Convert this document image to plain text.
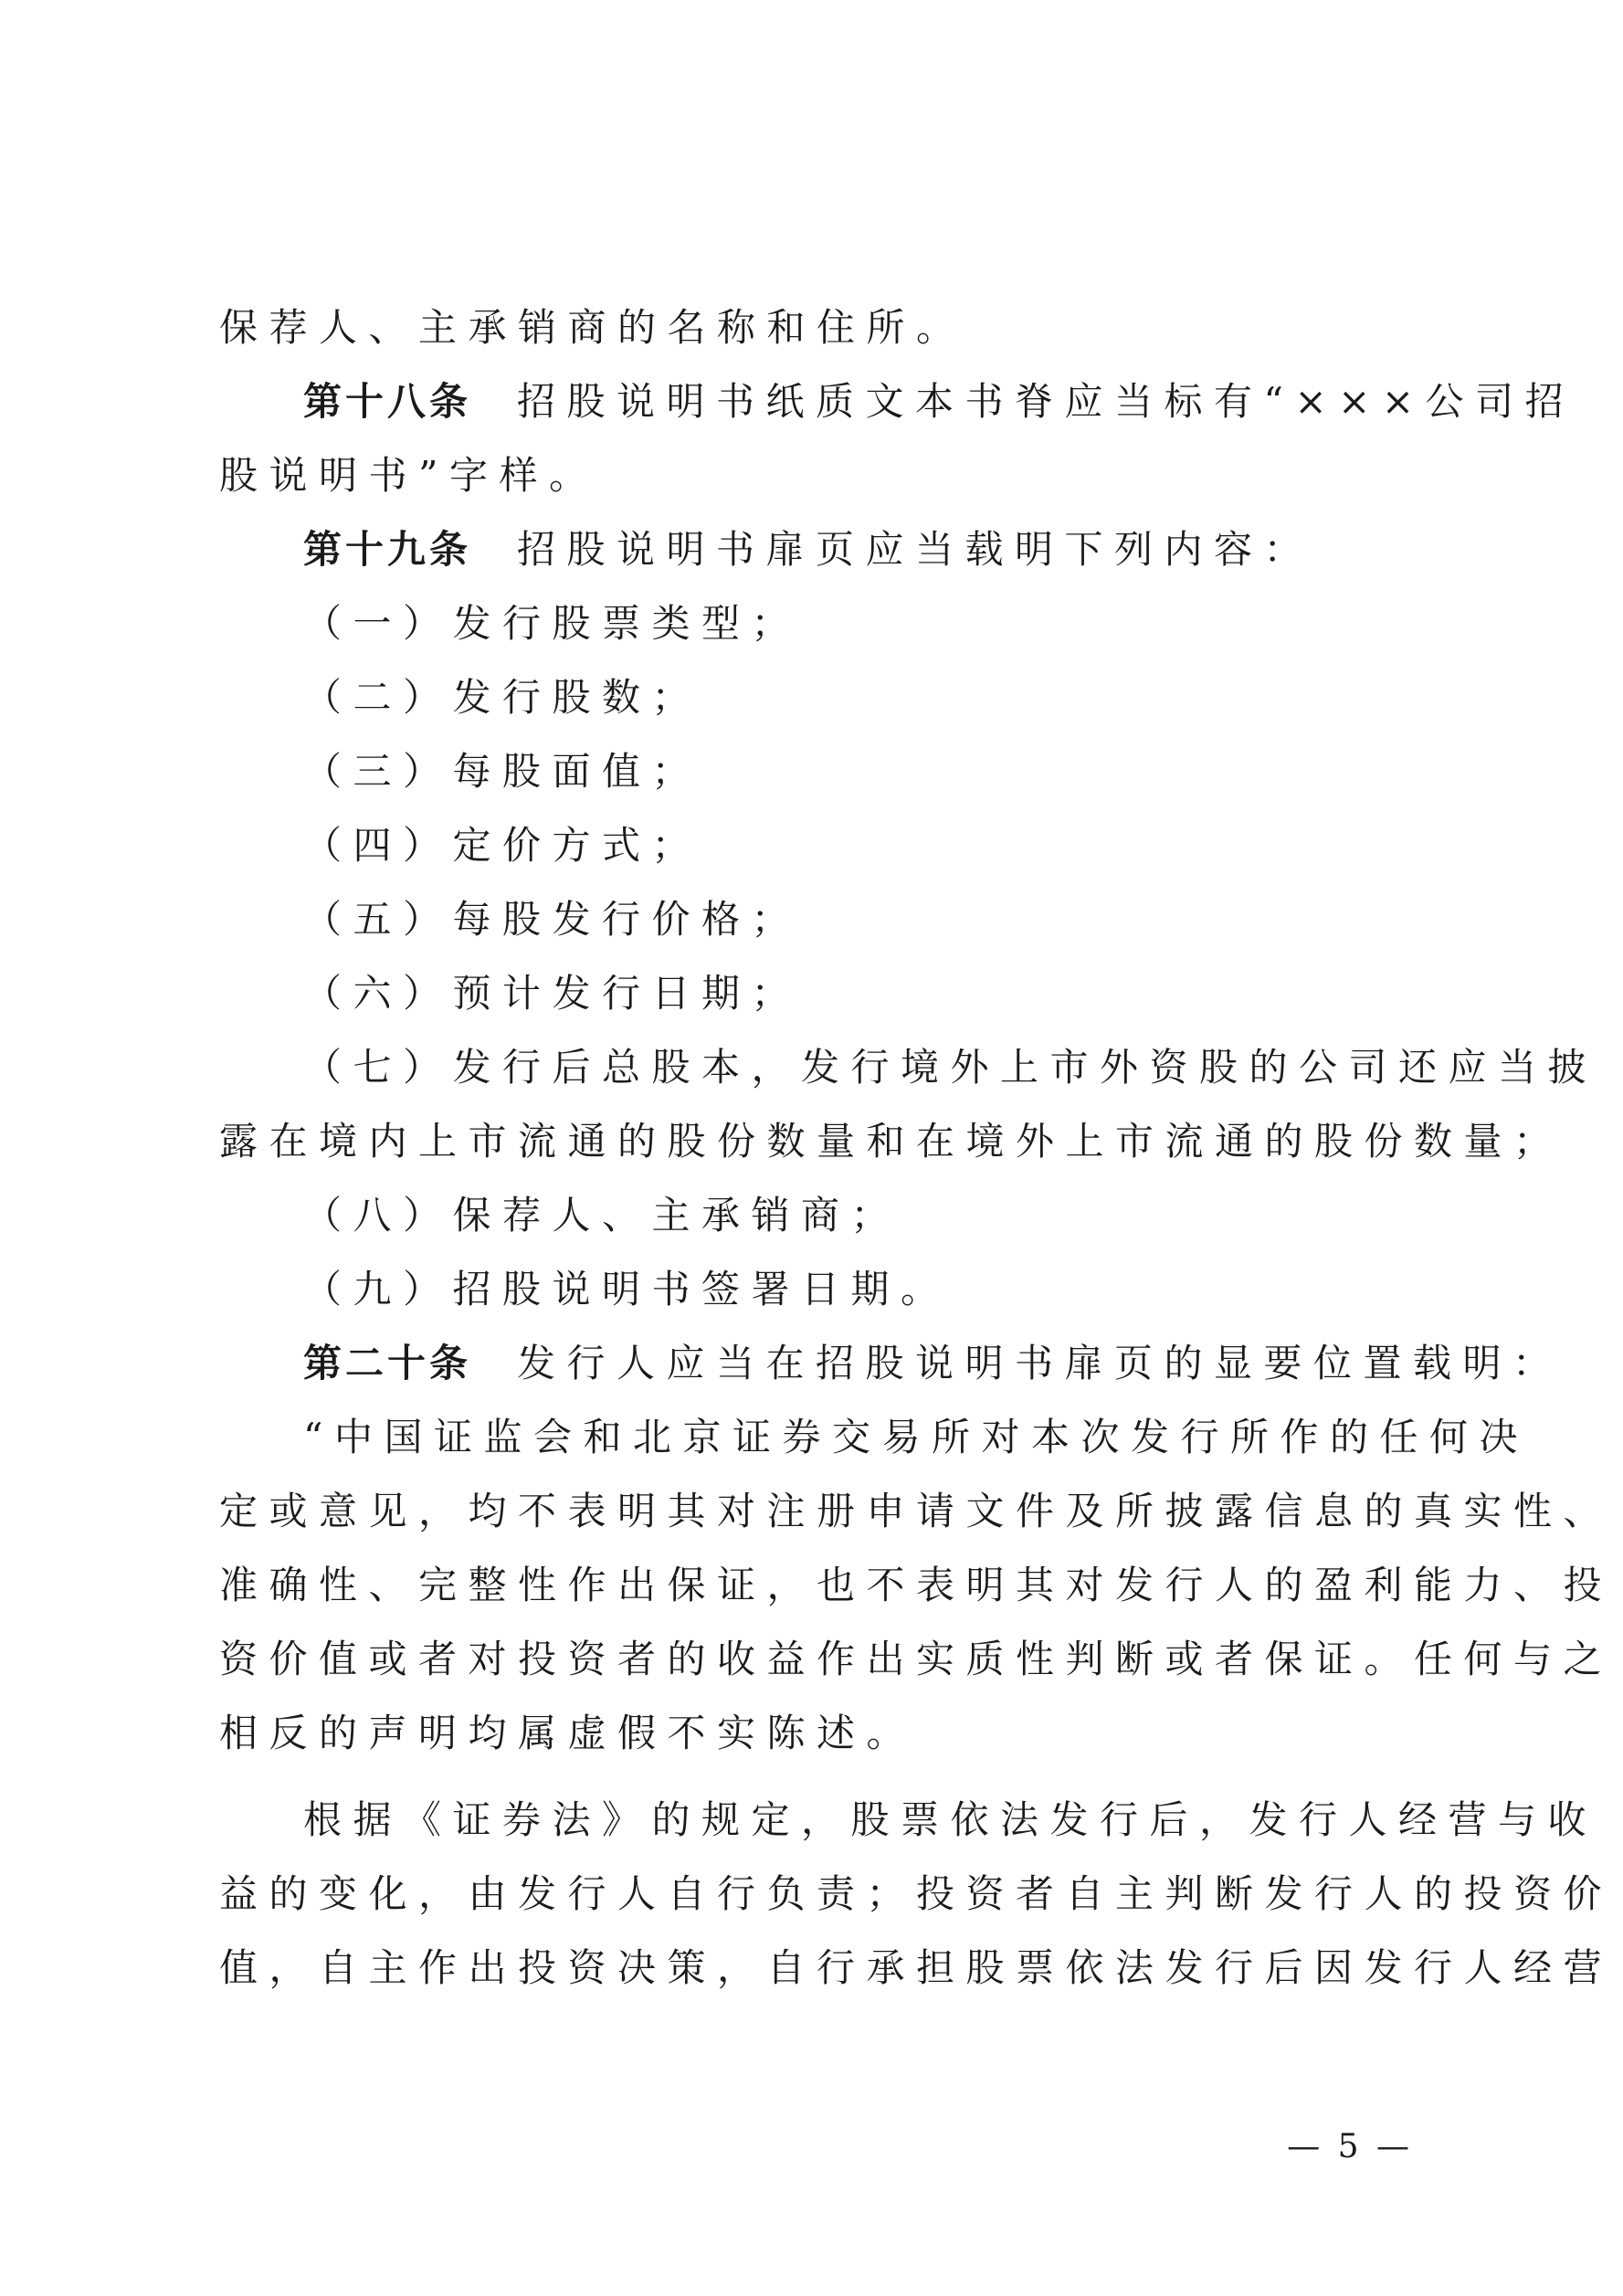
保荐人、主承销商的名称和住所。
第十八条 招股说明书纸质文本书脊应当标有“×××公司招
股说明书”字样。
第十九条 招股说明书扉页应当载明下列内容：
（一）发行股票类型；
（二）发行股数；
（三）每股面值；
（四）定价方式；
（五）每股发行价格；
（六）预计发行日期；
（七）发行后总股本，发行境外上市外资股的公司还应当披
露在境内上市流通的股份数量和在境外上市流通的股份数量；
（八）保荐人、主承销商；
（九）招股说明书签署日期。
第二十条 发行人应当在招股说明书扉页的显要位置载明：
“中国证监会和北京证券交易所对本次发行所作的任何决
定或意见，均不表明其对注册申请文件及所披露信息的真实性、
准确性、完整性作出保证，也不表明其对发行人的盈利能力、投
资价值或者对投资者的收益作出实质性判断或者保证。任何与之
相反的声明均属虚假不实陈述。
根据《证券法》的规定，股票依法发行后，发行人经营与收
益的变化，由发行人自行负责；投资者自主判断发行人的投资价
值，自主作出投资决策，自行承担股票依法发行后因发行人经营
— 5 —
